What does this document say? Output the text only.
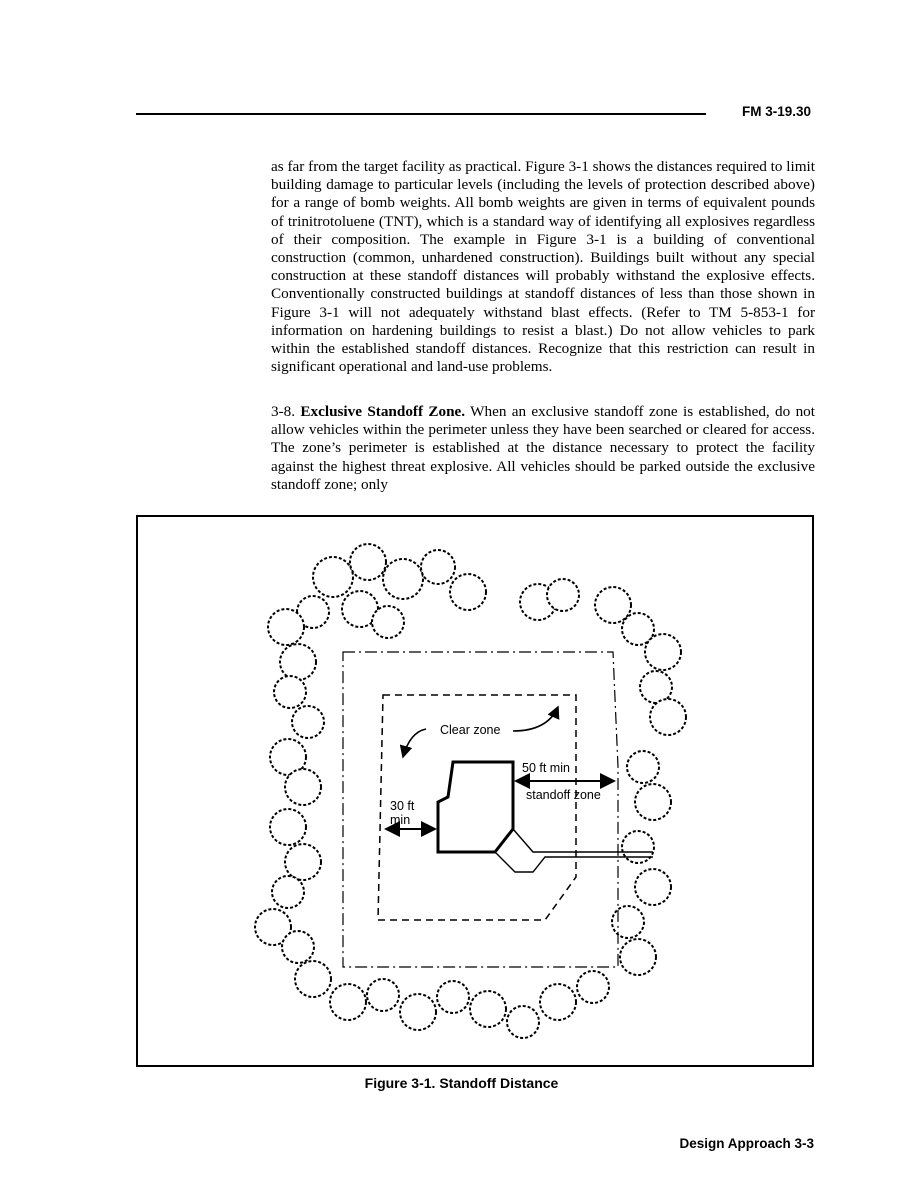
FM 3-19.30

as far from the target facility as practical. Figure 3-1 shows the distances required to limit building damage to particular levels (including the levels of protection described above) for a range of bomb weights. All bomb weights are given in terms of equivalent pounds of trinitrotoluene (TNT), which is a standard way of identifying all explosives regardless of their composition. The example in Figure 3-1 is a building of conventional construction (common, unhardened construction). Buildings built without any special construction at these standoff distances will probably withstand the explosive effects. Conventionally constructed buildings at standoff distances of less than those shown in Figure 3-1 will not adequately withstand blast effects. (Refer to TM 5-853-1 for information on hardening buildings to resist a blast.) Do not allow vehicles to park within the established standoff distances. Recognize that this restriction can result in significant operational and land-use problems.

3-8. Exclusive Standoff Zone. When an exclusive standoff zone is established, do not allow vehicles within the perimeter unless they have been searched or cleared for access. The zone’s perimeter is established at the distance necessary to protect the facility against the highest threat explosive. All vehicles should be parked outside the exclusive standoff zone; only

Clear zone
50 ft min
standoff zone
30 ft
min
Figure 3-1. Standoff Distance
Design Approach 3-3
